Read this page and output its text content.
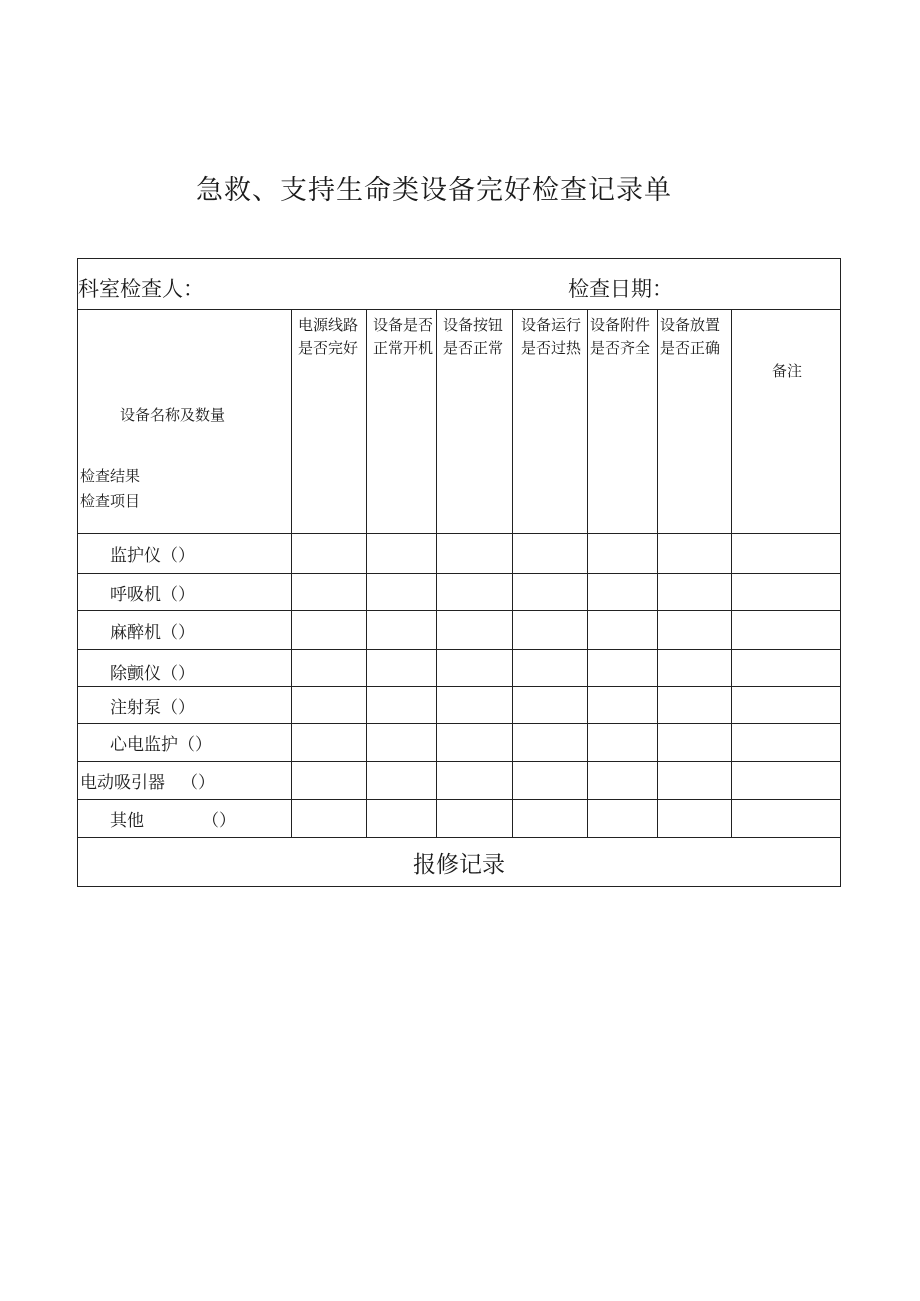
急救、支持生命类设备完好检查记录单
科室检查人： 检查日期：							

设备名称及数量
检查结果
检查项目	电源线路是否完好	设备是否正常开机	设备按钮是否正常	设备运行是否过热	设备附件是否齐全	设备放置是否正确	备注

监护仪（）							
呼吸机（）							
麻醉机（）							
除颤仪（）							
注射泵（）							
心电监护（）							
电动吸引器 （）							
其他 （）							
报修记录							
